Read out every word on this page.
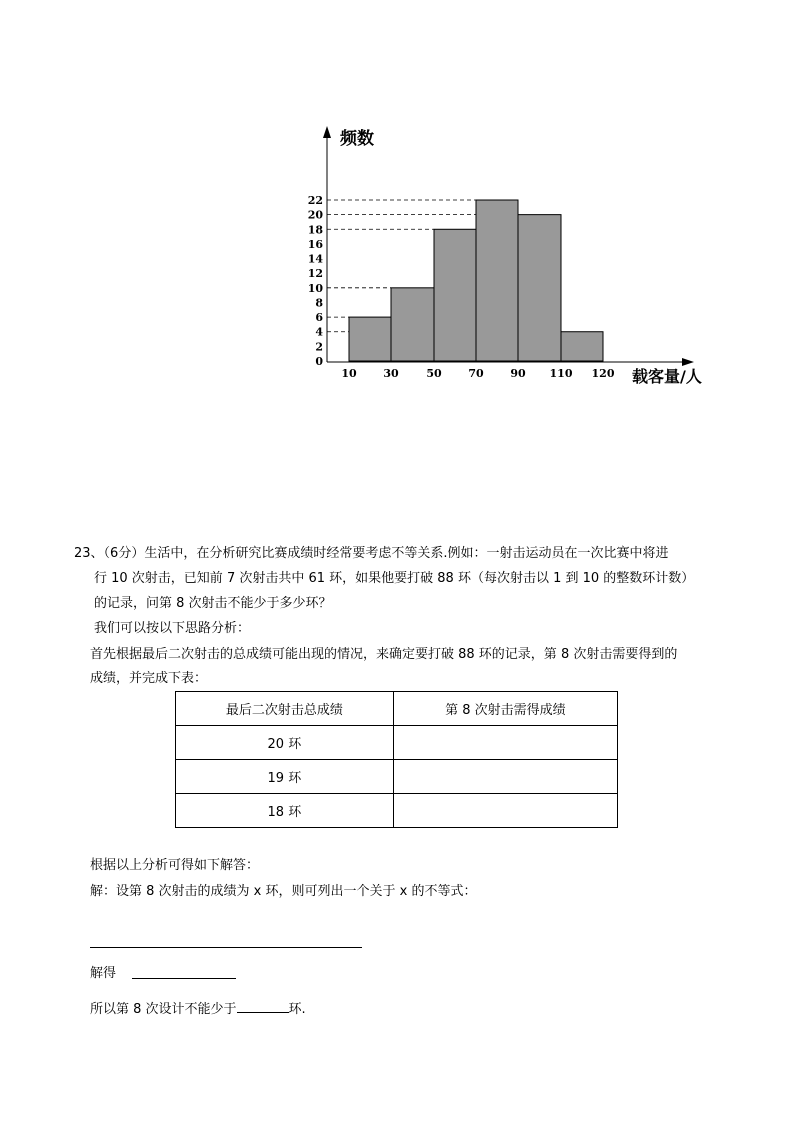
0
2
4
6
8
10
12
14
16
18
20
22
10 30	50 70 90 110 120
频数
载客量/人
23、（6分）生活中，在分析研究比赛成绩时经常要考虑不等关系.例如：一射击运动员在一次比赛中将进
行 10 次射击，已知前 7 次射击共中 61 环，如果他要打破 88 环（每次射击以 1 到 10 的整数环计数）
的记录，问第 8 次射击不能少于多少环？
我们可以按以下思路分析：
首先根据最后二次射击的总成绩可能出现的情况，来确定要打破 88 环的记录，第 8 次射击需要得到的
成绩，并完成下表：
最后二次射击总成绩	第 8 次射击需得成绩
20 环	
19 环	
18 环	
根据以上分析可得如下解答：
解：设第 8 次射击的成绩为 x 环，则可列出一个关于 x 的不等式：
解得
所以第 8 次设计不能少于	环.
